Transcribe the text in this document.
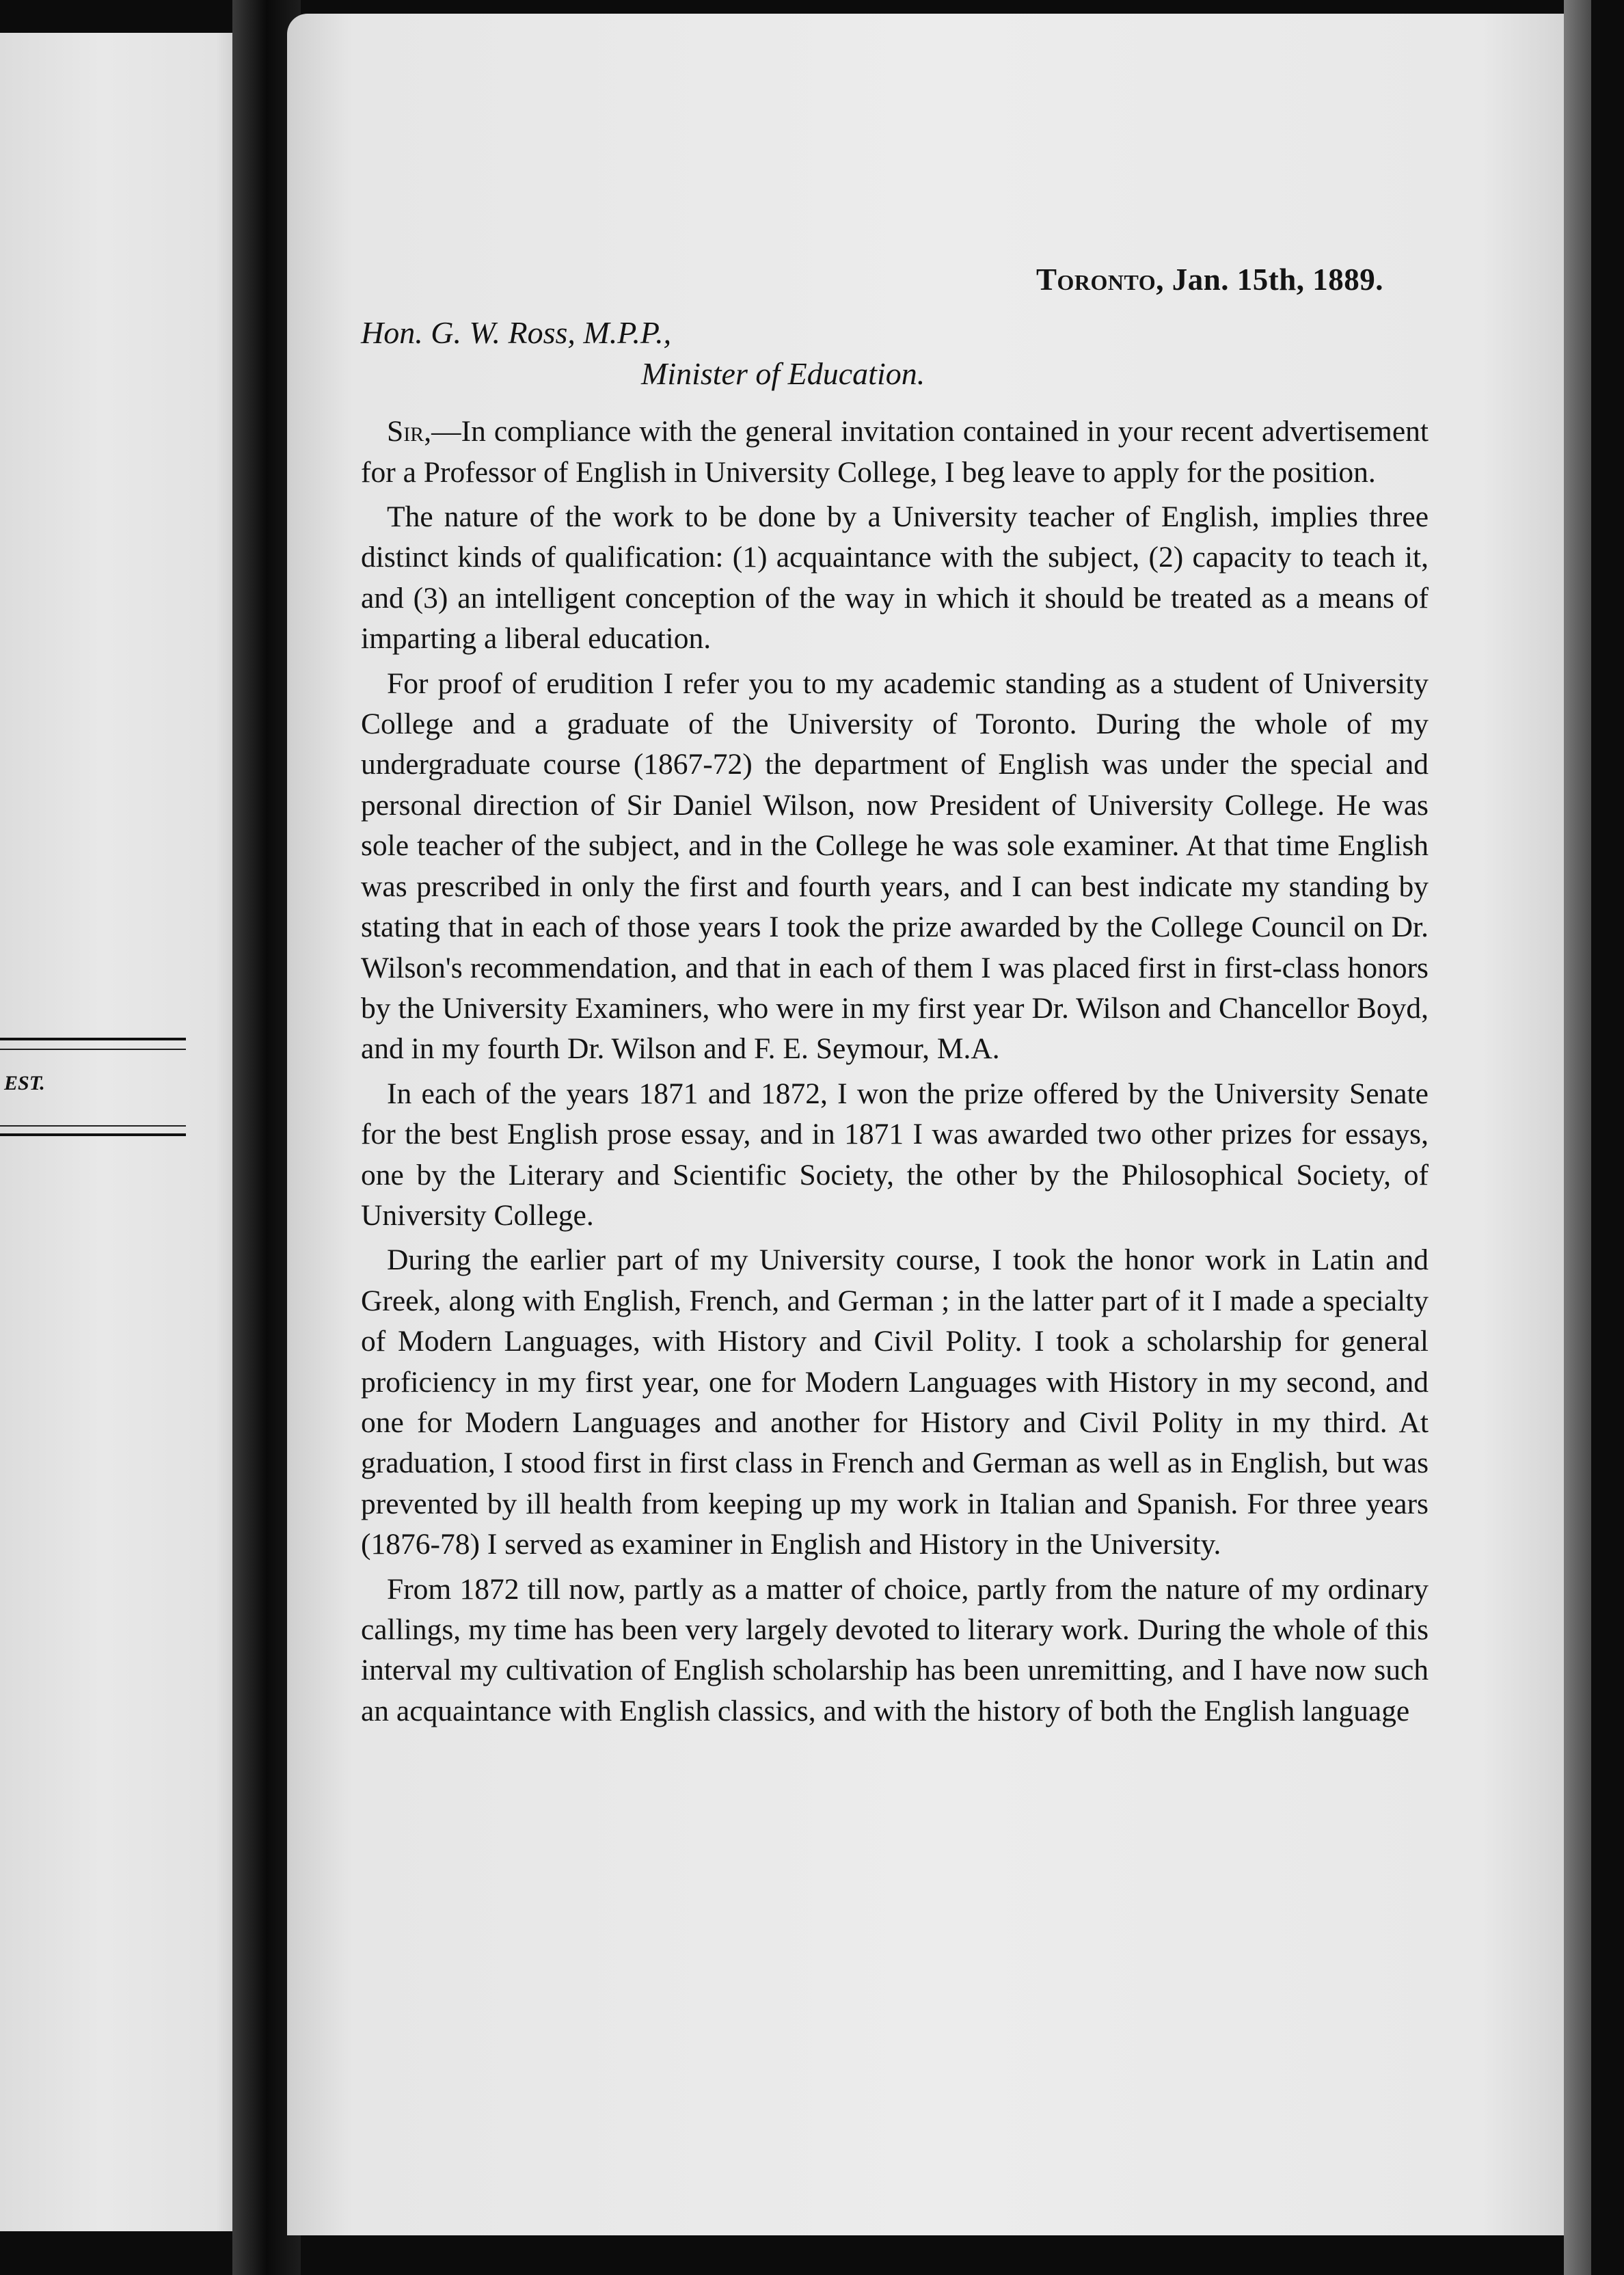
EST.
Toronto, Jan. 15th, 1889.
Hon. G. W. Ross, M.P.P.,
Minister of Education.

Sir,—In compliance with the general invitation contained in your recent advertisement for a Professor of English in University College, I beg leave to apply for the position.

The nature of the work to be done by a University teacher of English, implies three distinct kinds of qualification: (1) acquaintance with the subject, (2) capacity to teach it, and (3) an intelligent conception of the way in which it should be treated as a means of imparting a liberal education.

For proof of erudition I refer you to my academic standing as a student of University College and a graduate of the University of Toronto. During the whole of my undergraduate course (1867-72) the department of English was under the special and personal direction of Sir Daniel Wilson, now President of University College. He was sole teacher of the subject, and in the College he was sole examiner. At that time English was prescribed in only the first and fourth years, and I can best indicate my standing by stating that in each of those years I took the prize awarded by the College Council on Dr. Wilson's recommendation, and that in each of them I was placed first in first-class honors by the University Examiners, who were in my first year Dr. Wilson and Chancellor Boyd, and in my fourth Dr. Wilson and F. E. Seymour, M.A.

In each of the years 1871 and 1872, I won the prize offered by the University Senate for the best English prose essay, and in 1871 I was awarded two other prizes for essays, one by the Literary and Scientific Society, the other by the Philosophical Society, of University College.

During the earlier part of my University course, I took the honor work in Latin and Greek, along with English, French, and German ; in the latter part of it I made a specialty of Modern Languages, with History and Civil Polity. I took a scholarship for general proficiency in my first year, one for Modern Languages with History in my second, and one for Modern Languages and another for History and Civil Polity in my third. At graduation, I stood first in first class in French and German as well as in English, but was prevented by ill health from keeping up my work in Italian and Spanish. For three years (1876-78) I served as examiner in English and History in the University.

From 1872 till now, partly as a matter of choice, partly from the nature of my ordinary callings, my time has been very largely devoted to literary work. During the whole of this interval my cultivation of English scholarship has been unremitting, and I have now such an acquaintance with English classics, and with the history of both the English language
